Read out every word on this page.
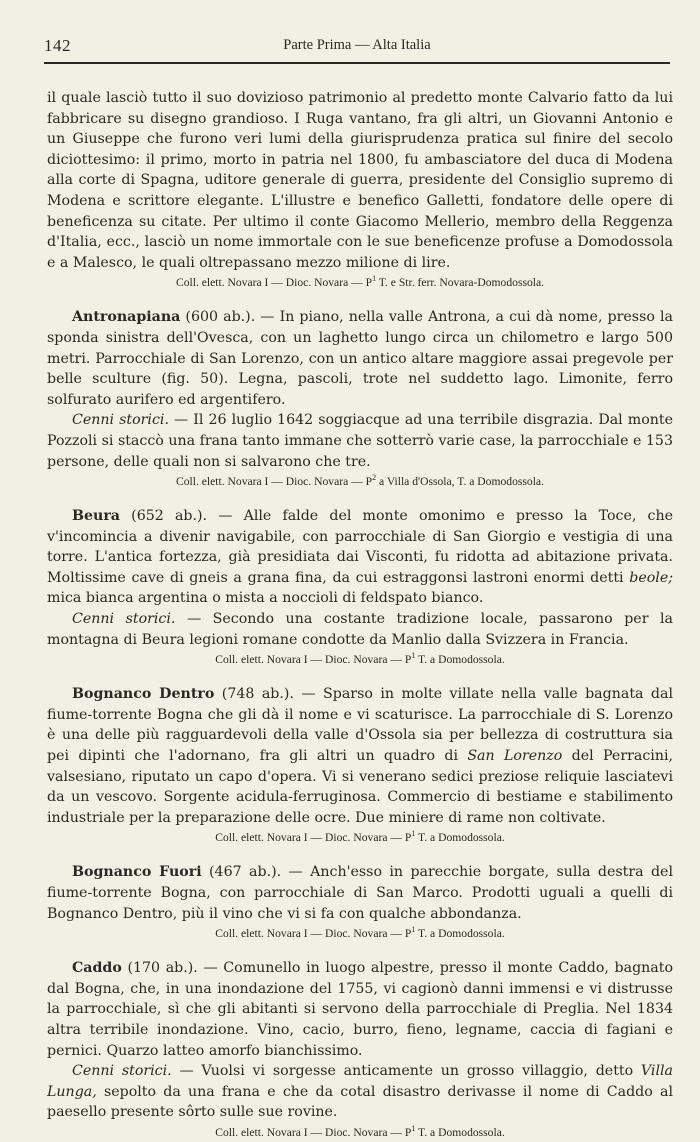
142	Parte Prima — Alta Italia

il quale lasciò tutto il suo dovizioso patrimonio al predetto monte Calvario fatto da lui fabbricare su disegno grandioso. I Ruga vantano, fra gli altri, un Giovanni Antonio e un Giuseppe che furono veri lumi della giurisprudenza pratica sul finire del secolo diciottesimo: il primo, morto in patria nel 1800, fu ambasciatore del duca di Modena alla corte di Spagna, uditore generale di guerra, presidente del Consiglio supremo di Modena e scrittore elegante. L'illustre e benefico Galletti, fondatore delle opere di beneficenza su citate. Per ultimo il conte Giacomo Mellerio, membro della Reggenza d'Italia, ecc., lasciò un nome immortale con le sue beneficenze profuse a Domodossola e a Malesco, le quali oltrepassano mezzo milione di lire.

Coll. elett. Novara I — Dioc. Novara — $P^1$ T. e Str. ferr. Novara-Domodossola.

Antronapiana (600 ab.). — In piano, nella valle Antrona, a cui dà nome, presso la sponda sinistra dell'Ovesca, con un laghetto lungo circa un chilometro e largo 500 metri. Parrocchiale di San Lorenzo, con un antico altare maggiore assai pregevole per belle sculture (fig. 50). Legna, pascoli, trote nel suddetto lago. Limonite, ferro solfurato aurifero ed argentifero.

Cenni storici. — Il 26 luglio 1642 soggiacque ad una terribile disgrazia. Dal monte Pozzoli si staccò una frana tanto immane che sotterrò varie case, la parrocchiale e 153 persone, delle quali non si salvarono che tre.

Coll. elett. Novara I — Dioc. Novara — $P^2$ a Villa d'Ossola, T. a Domodossola.

Beura (652 ab.). — Alle falde del monte omonimo e presso la Toce, che v'incomincia a divenir navigabile, con parrocchiale di San Giorgio e vestigia di una torre. L'antica fortezza, già presidiata dai Visconti, fu ridotta ad abitazione privata. Moltissime cave di gneis a grana fina, da cui estraggonsi lastroni enormi detti beole; mica bianca argentina o mista a noccioli di feldspato bianco.

Cenni storici. — Secondo una costante tradizione locale, passarono per la montagna di Beura legioni romane condotte da Manlio dalla Svizzera in Francia.

Coll. elett. Novara I — Dioc. Novara — $P^1$ T. a Domodossola.

Bognanco Dentro (748 ab.). — Sparso in molte villate nella valle bagnata dal fiume-torrente Bogna che gli dà il nome e vi scaturisce. La parrocchiale di S. Lorenzo è una delle più ragguardevoli della valle d'Ossola sia per bellezza di costruttura sia pei dipinti che l'adornano, fra gli altri un quadro di San Lorenzo del Perracini, valsesiano, riputato un capo d'opera. Vi si venerano sedici preziose reliquie lasciatevi da un vescovo. Sorgente acidula-ferruginosa. Commercio di bestiame e stabilimento industriale per la preparazione delle ocre. Due miniere di rame non coltivate.

Coll. elett. Novara I — Dioc. Novara — $P^1$ T. a Domodossola.

Bognanco Fuori (467 ab.). — Anch'esso in parecchie borgate, sulla destra del fiume-torrente Bogna, con parrocchiale di San Marco. Prodotti uguali a quelli di Bognanco Dentro, più il vino che vi si fa con qualche abbondanza.

Coll. elett. Novara I — Dioc. Novara — $P^1$ T. a Domodossola.

Caddo (170 ab.). — Comunello in luogo alpestre, presso il monte Caddo, bagnato dal Bogna, che, in una inondazione del 1755, vi cagionò danni immensi e vi distrusse la parrocchiale, sì che gli abitanti si servono della parrocchiale di Preglia. Nel 1834 altra terribile inondazione. Vino, cacio, burro, fieno, legname, caccia di fagiani e pernici. Quarzo latteo amorfo bianchissimo.

Cenni storici. — Vuolsi vi sorgesse anticamente un grosso villaggio, detto Villa Lunga, sepolto da una frana e che da cotal disastro derivasse il nome di Caddo al paesello presente sôrto sulle sue rovine.

Coll. elett. Novara I — Dioc. Novara — $P^1$ T. a Domodossola.
